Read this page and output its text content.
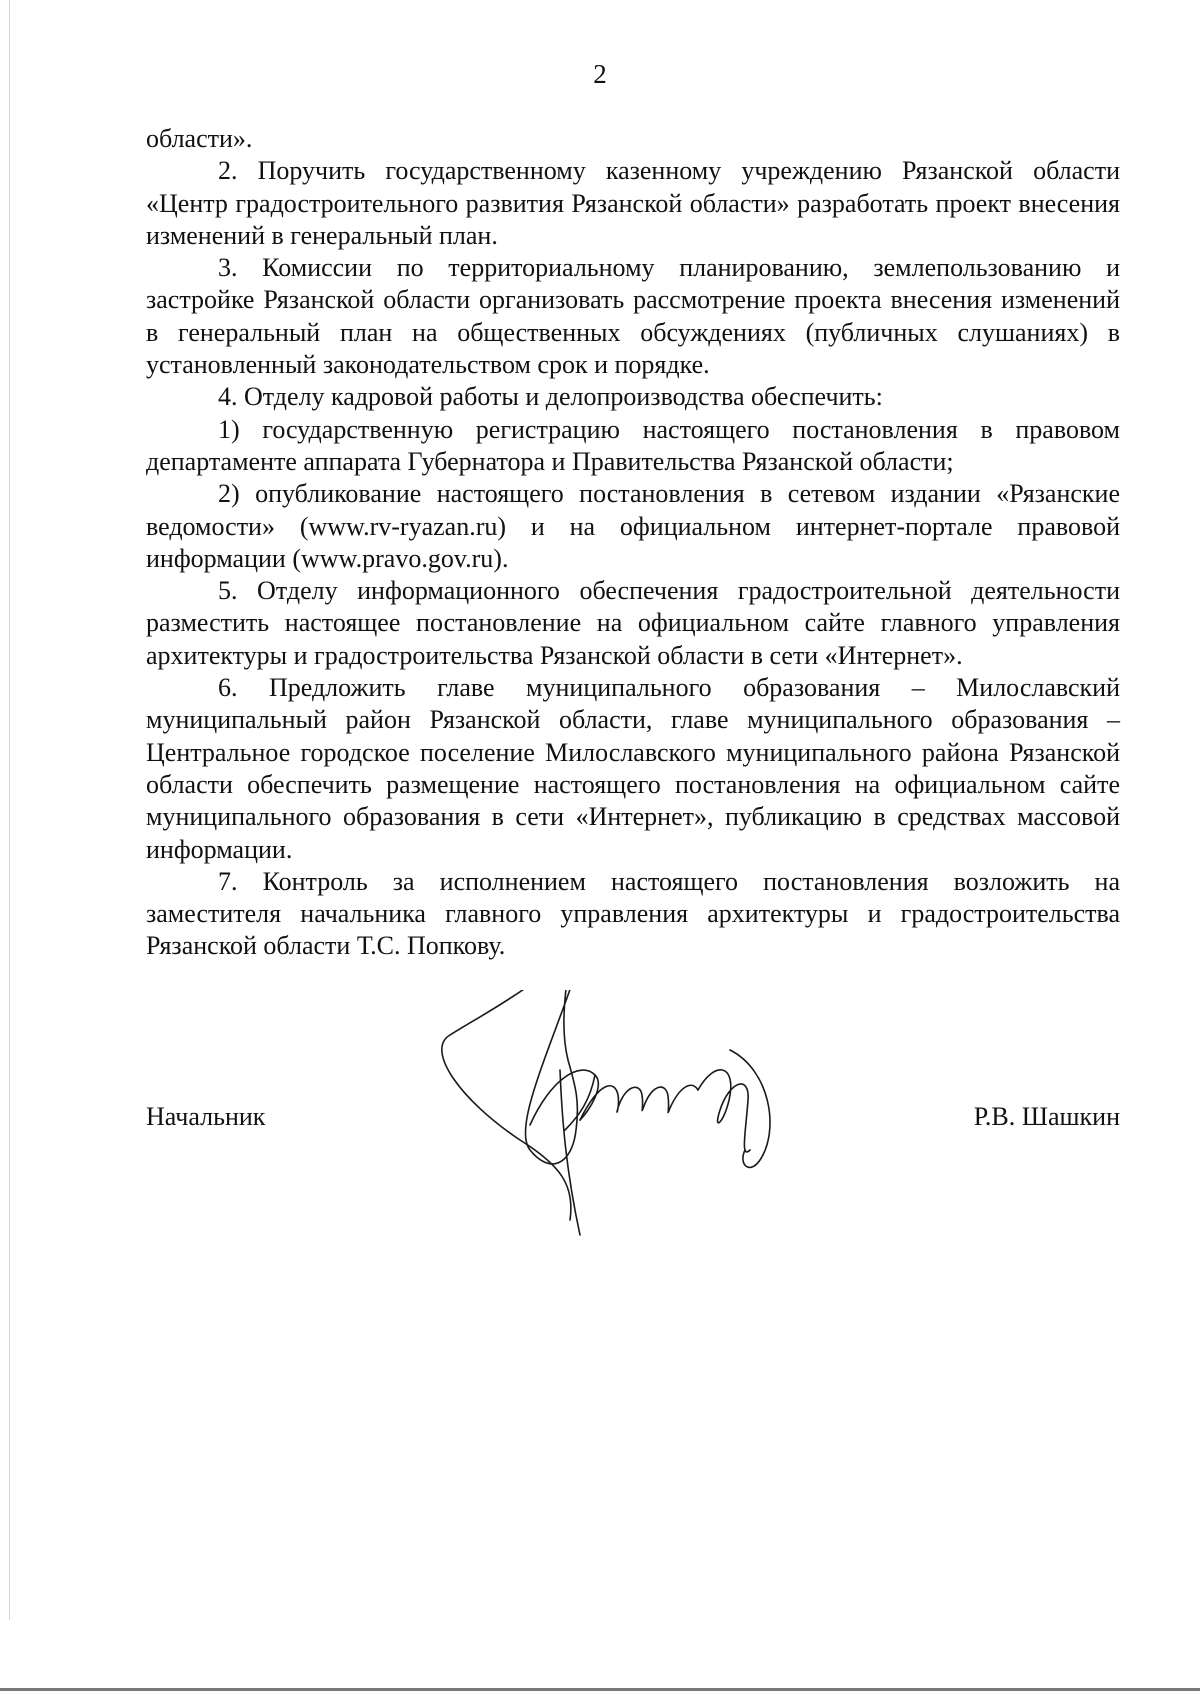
2

области».

2. Поручить государственному казенному учреждению Рязанской области «Центр градостроительного развития Рязанской области» разработать проект внесения изменений в генеральный план.

3. Комиссии по территориальному планированию, землепользованию и застройке Рязанской области организовать рассмотрение проекта внесения изменений в генеральный план на общественных обсуждениях (публичных слушаниях) в установленный законодательством срок и порядке.

4. Отделу кадровой работы и делопроизводства обеспечить:

1) государственную регистрацию настоящего постановления в правовом департаменте аппарата Губернатора и Правительства Рязанской области;

2) опубликование настоящего постановления в сетевом издании «Рязанские ведомости» (www.rv-ryazan.ru) и на официальном интернет-портале правовой информации (www.pravo.gov.ru).

5. Отделу информационного обеспечения градостроительной деятельности разместить настоящее постановление на официальном сайте главного управления архитектуры и градостроительства Рязанской области в сети «Интернет».

6. Предложить главе муниципального образования – Милославский муниципальный район Рязанской области, главе муниципального образования – Центральное городское поселение Милославского муниципального района Рязанской области обеспечить размещение настоящего постановления на официальном сайте муниципального образования в сети «Интернет», публикацию в средствах массовой информации.

7. Контроль за исполнением настоящего постановления возложить на заместителя начальника главного управления архитектуры и градостроительства Рязанской области Т.С. Попкову.

Начальник	Р.В. Шашкин
